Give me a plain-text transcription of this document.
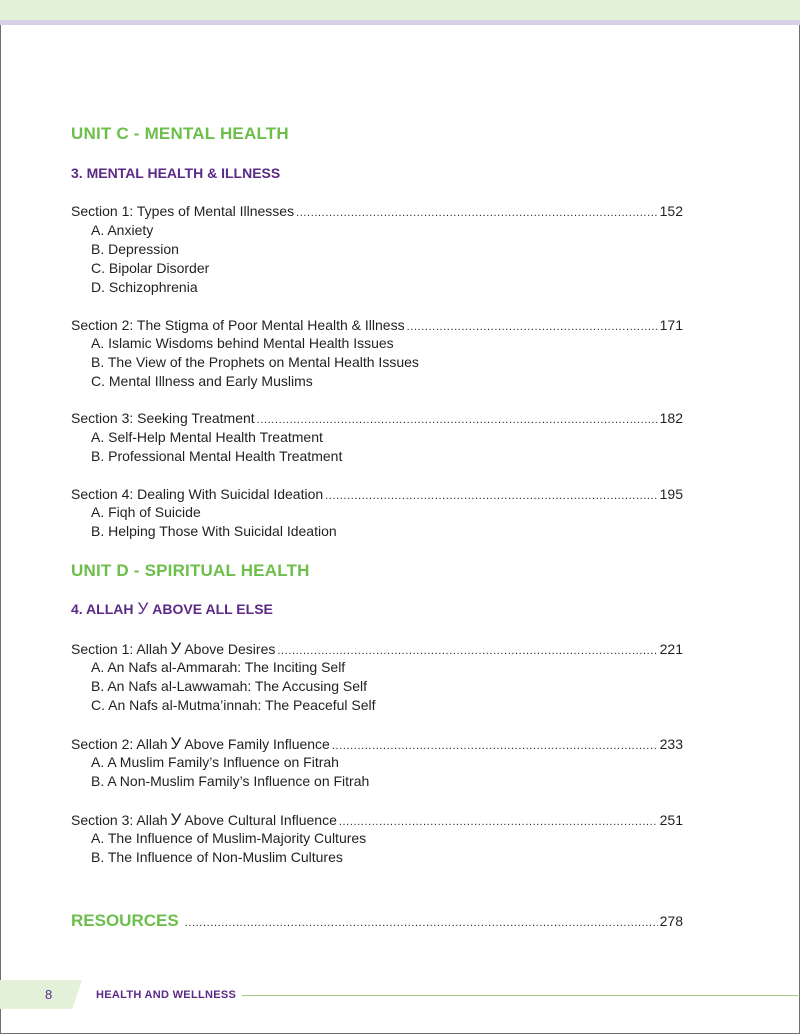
UNIT C - MENTAL HEALTH
3. MENTAL HEALTH & ILLNESS
Section 1: Types of Mental Illnesses .....	152
A. Anxiety
B. Depression
C. Bipolar Disorder
D. Schizophrenia
Section 2: The Stigma of Poor Mental Health & Illness .....	171
A. Islamic Wisdoms behind Mental Health Issues
B. The View of the Prophets on Mental Health Issues
C. Mental Illness and Early Muslims
Section 3: Seeking Treatment .....	182
A. Self-Help Mental Health Treatment
B. Professional Mental Health Treatment
Section 4: Dealing With Suicidal Ideation .....	195
A. Fiqh of Suicide
B. Helping Those With Suicidal Ideation
UNIT D - SPIRITUAL HEALTH
4. ALLAH У ABOVE ALL ELSE
Section 1: Allah У Above Desires .....	221
A. An Nafs al-Ammarah: The Inciting Self
B. An Nafs al-Lawwamah: The Accusing Self
C. An Nafs al-Mutma’innah: The Peaceful Self
Section 2: Allah У Above Family Influence .....	233
A. A Muslim Family’s Influence on Fitrah
B. A Non-Muslim Family’s Influence on Fitrah
Section 3: Allah У Above Cultural Influence .....	251
A. The Influence of Muslim-Majority Cultures
B. The Influence of Non-Muslim Cultures
RESOURCES .....	278
8	HEALTH AND WELLNESS
